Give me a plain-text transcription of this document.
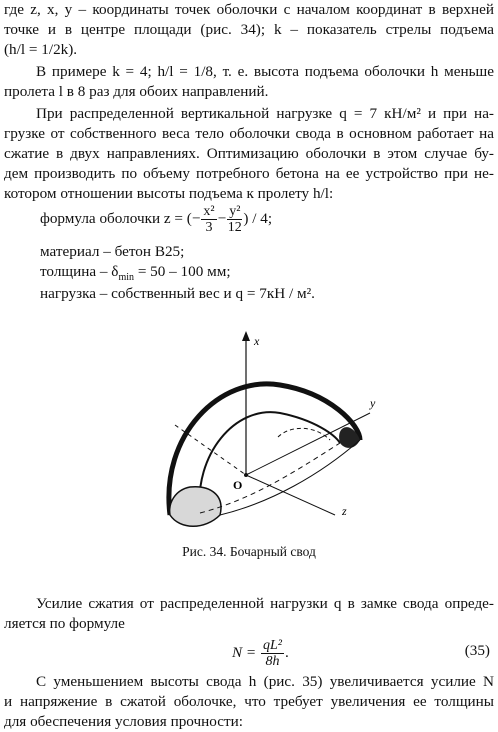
где z, x, y – координаты точек оболочки с началом координат в верхней
точке и в центре площади (рис. 34); k – показатель стрелы подъема
(h/l = 1/2k).
В примере k = 4; h/l = 1/8, т. е. высота подъема оболочки h меньше
пролета l в 8 раз для обоих направлений.
При распределенной вертикальной нагрузке q = 7 кН/м² и при на-
грузке от собственного веса тело оболочки свода в основном работает на
сжатие в двух направлениях. Оптимизацию оболочки в этом случае бу-
дем производить по объему потребного бетона на ее устройство при не-
котором отношении высоты подъема к пролету h/l:
формула оболочки z = (− $\frac{\text{x²}}{3} - \frac{\text{y²}}{12}$ ) / 4;
материал – бетон В25;
толщина – $\delta_{min} = 50 - 100$ мм;
нагрузка – собственный вес и q = 7кН / м².
x
y
z
O
Рис. 34. Бочарный свод
Усилие сжатия от распределенной нагрузки q в замке свода опреде-
ляется по формуле
$N = \frac{\text{qL²}}{8h}$ .	(35)
С уменьшением высоты свода h (рис. 35) увеличивается усилие N
и напряжение в сжатой оболочке, что требует увеличения ее толщины
для обеспечения условия прочности:
